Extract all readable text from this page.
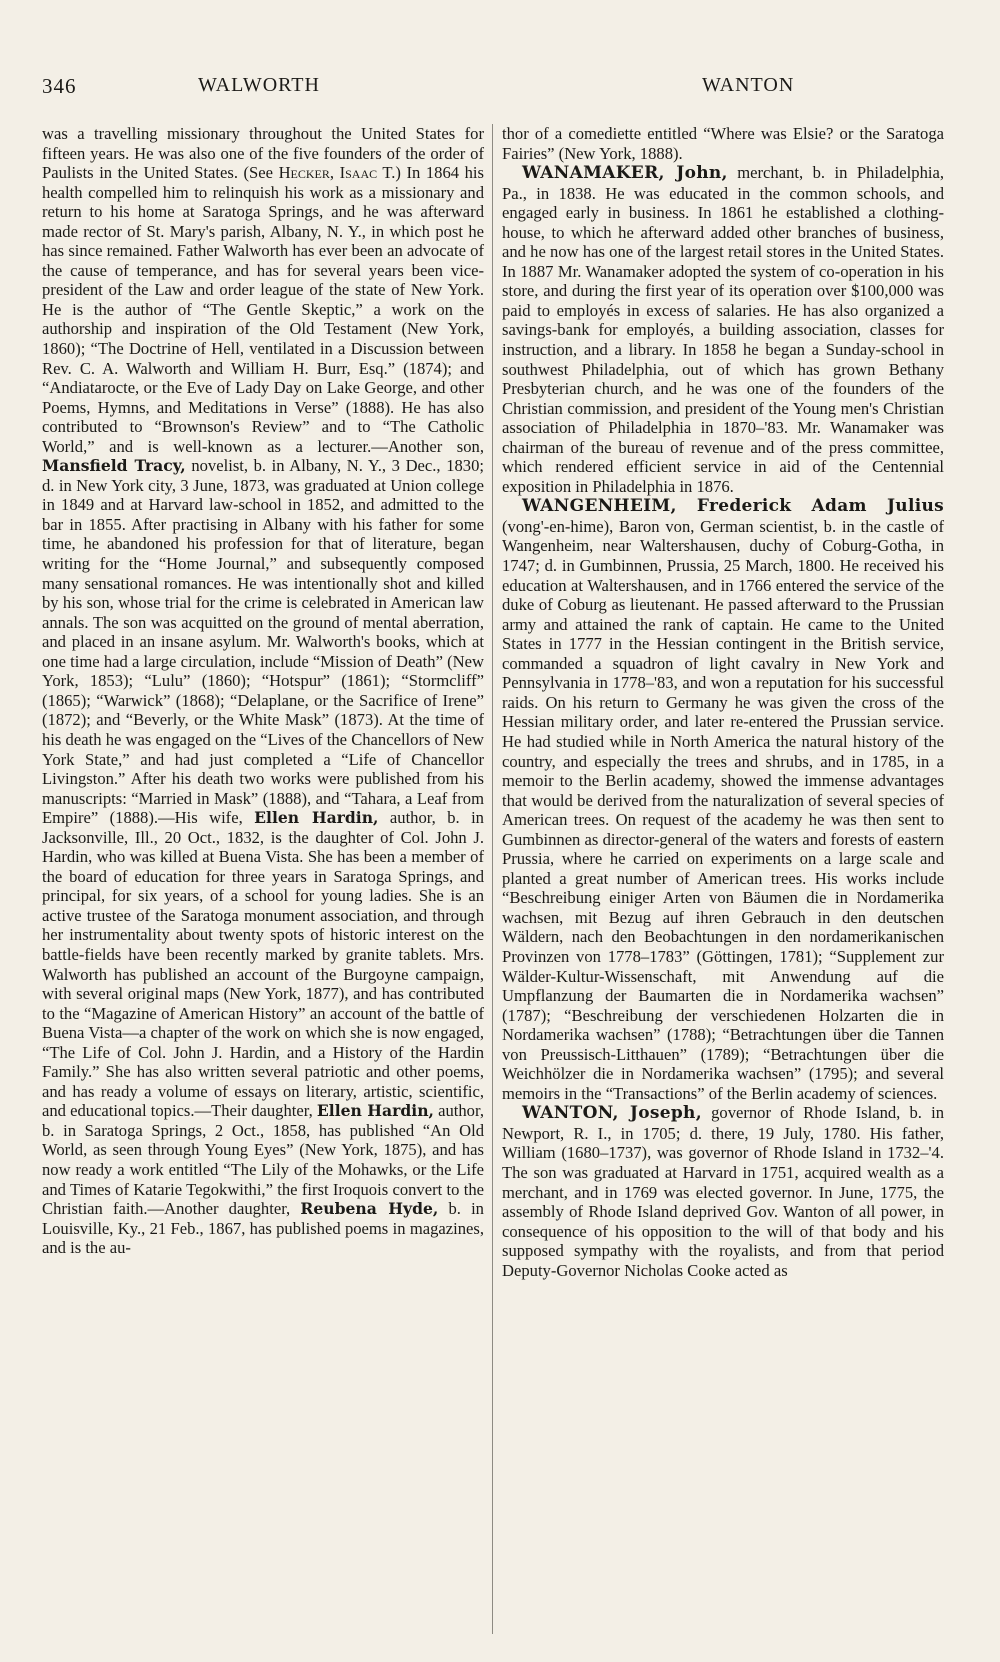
346	WALWORTH	WANTON

was a travelling missionary throughout the United States for fifteen years. He was also one of the five founders of the order of Paulists in the United States. (See Hecker, Isaac T.) In 1864 his health compelled him to relinquish his work as a missionary and return to his home at Saratoga Springs, and he was afterward made rector of St. Mary's parish, Albany, N. Y., in which post he has since remained. Father Walworth has ever been an advocate of the cause of temperance, and has for several years been vice-president of the Law and order league of the state of New York. He is the author of “The Gentle Skeptic,” a work on the authorship and inspiration of the Old Testament (New York, 1860); “The Doctrine of Hell, ventilated in a Discussion between Rev. C. A. Walworth and William H. Burr, Esq.” (1874); and “Andiatarocte, or the Eve of Lady Day on Lake George, and other Poems, Hymns, and Meditations in Verse” (1888). He has also contributed to “Brownson's Review” and to “The Catholic World,” and is well-known as a lecturer.—Another son, Mansfield Tracy, novelist, b. in Albany, N. Y., 3 Dec., 1830; d. in New York city, 3 June, 1873, was graduated at Union college in 1849 and at Harvard law-school in 1852, and admitted to the bar in 1855. After practising in Albany with his father for some time, he abandoned his profession for that of literature, began writing for the “Home Journal,” and subsequently composed many sensational romances. He was intentionally shot and killed by his son, whose trial for the crime is celebrated in American law annals. The son was acquitted on the ground of mental aberration, and placed in an insane asylum. Mr. Walworth's books, which at one time had a large circulation, include “Mission of Death” (New York, 1853); “Lulu” (1860); “Hotspur” (1861); “Stormcliff” (1865); “Warwick” (1868); “Delaplane, or the Sacrifice of Irene” (1872); and “Beverly, or the White Mask” (1873). At the time of his death he was engaged on the “Lives of the Chancellors of New York State,” and had just completed a “Life of Chancellor Livingston.” After his death two works were published from his manuscripts: “Married in Mask” (1888), and “Tahara, a Leaf from Empire” (1888).—His wife, Ellen Hardin, author, b. in Jacksonville, Ill., 20 Oct., 1832, is the daughter of Col. John J. Hardin, who was killed at Buena Vista. She has been a member of the board of education for three years in Saratoga Springs, and principal, for six years, of a school for young ladies. She is an active trustee of the Saratoga monument association, and through her instrumentality about twenty spots of historic interest on the battle-fields have been recently marked by granite tablets. Mrs. Walworth has published an account of the Burgoyne campaign, with several original maps (New York, 1877), and has contributed to the “Magazine of American History” an account of the battle of Buena Vista—a chapter of the work on which she is now engaged, “The Life of Col. John J. Hardin, and a History of the Hardin Family.” She has also written several patriotic and other poems, and has ready a volume of essays on literary, artistic, scientific, and educational topics.—Their daughter, Ellen Hardin, author, b. in Saratoga Springs, 2 Oct., 1858, has published “An Old World, as seen through Young Eyes” (New York, 1875), and has now ready a work entitled “The Lily of the Mohawks, or the Life and Times of Katarie Tegokwithi,” the first Iroquois convert to the Christian faith.—Another daughter, Reubena Hyde, b. in Louisville, Ky., 21 Feb., 1867, has published poems in magazines, and is the au-

thor of a comediette entitled “Where was Elsie? or the Saratoga Fairies” (New York, 1888).

WANAMAKER, John, merchant, b. in Philadelphia, Pa., in 1838. He was educated in the common schools, and engaged early in business. In 1861 he established a clothing-house, to which he afterward added other branches of business, and he now has one of the largest retail stores in the United States. In 1887 Mr. Wanamaker adopted the system of co-operation in his store, and during the first year of its operation over $100,000 was paid to employés in excess of salaries. He has also organized a savings-bank for employés, a building association, classes for instruction, and a library. In 1858 he began a Sunday-school in southwest Philadelphia, out of which has grown Bethany Presbyterian church, and he was one of the founders of the Christian commission, and president of the Young men's Christian association of Philadelphia in 1870–'83. Mr. Wanamaker was chairman of the bureau of revenue and of the press committee, which rendered efficient service in aid of the Centennial exposition in Philadelphia in 1876.

WANGENHEIM, Frederick Adam Julius (vong'-en-hime), Baron von, German scientist, b. in the castle of Wangenheim, near Waltershausen, duchy of Coburg-Gotha, in 1747; d. in Gumbinnen, Prussia, 25 March, 1800. He received his education at Waltershausen, and in 1766 entered the service of the duke of Coburg as lieutenant. He passed afterward to the Prussian army and attained the rank of captain. He came to the United States in 1777 in the Hessian contingent in the British service, commanded a squadron of light cavalry in New York and Pennsylvania in 1778–'83, and won a reputation for his successful raids. On his return to Germany he was given the cross of the Hessian military order, and later re-entered the Prussian service. He had studied while in North America the natural history of the country, and especially the trees and shrubs, and in 1785, in a memoir to the Berlin academy, showed the immense advantages that would be derived from the naturalization of several species of American trees. On request of the academy he was then sent to Gumbinnen as director-general of the waters and forests of eastern Prussia, where he carried on experiments on a large scale and planted a great number of American trees. His works include “Beschreibung einiger Arten von Bäumen die in Nordamerika wachsen, mit Bezug auf ihren Gebrauch in den deutschen Wäldern, nach den Beobachtungen in den nordamerikanischen Provinzen von 1778–1783” (Göttingen, 1781); “Supplement zur Wälder-Kultur-Wissenschaft, mit Anwendung auf die Umpflanzung der Baumarten die in Nordamerika wachsen” (1787); “Beschreibung der verschiedenen Holzarten die in Nordamerika wachsen” (1788); “Betrachtungen über die Tannen von Preussisch-Litthauen” (1789); “Betrachtungen über die Weichhölzer die in Nordamerika wachsen” (1795); and several memoirs in the “Transactions” of the Berlin academy of sciences.

WANTON, Joseph, governor of Rhode Island, b. in Newport, R. I., in 1705; d. there, 19 July, 1780. His father, William (1680–1737), was governor of Rhode Island in 1732–'4. The son was graduated at Harvard in 1751, acquired wealth as a merchant, and in 1769 was elected governor. In June, 1775, the assembly of Rhode Island deprived Gov. Wanton of all power, in consequence of his opposition to the will of that body and his supposed sympathy with the royalists, and from that period Deputy-Governor Nicholas Cooke acted as
